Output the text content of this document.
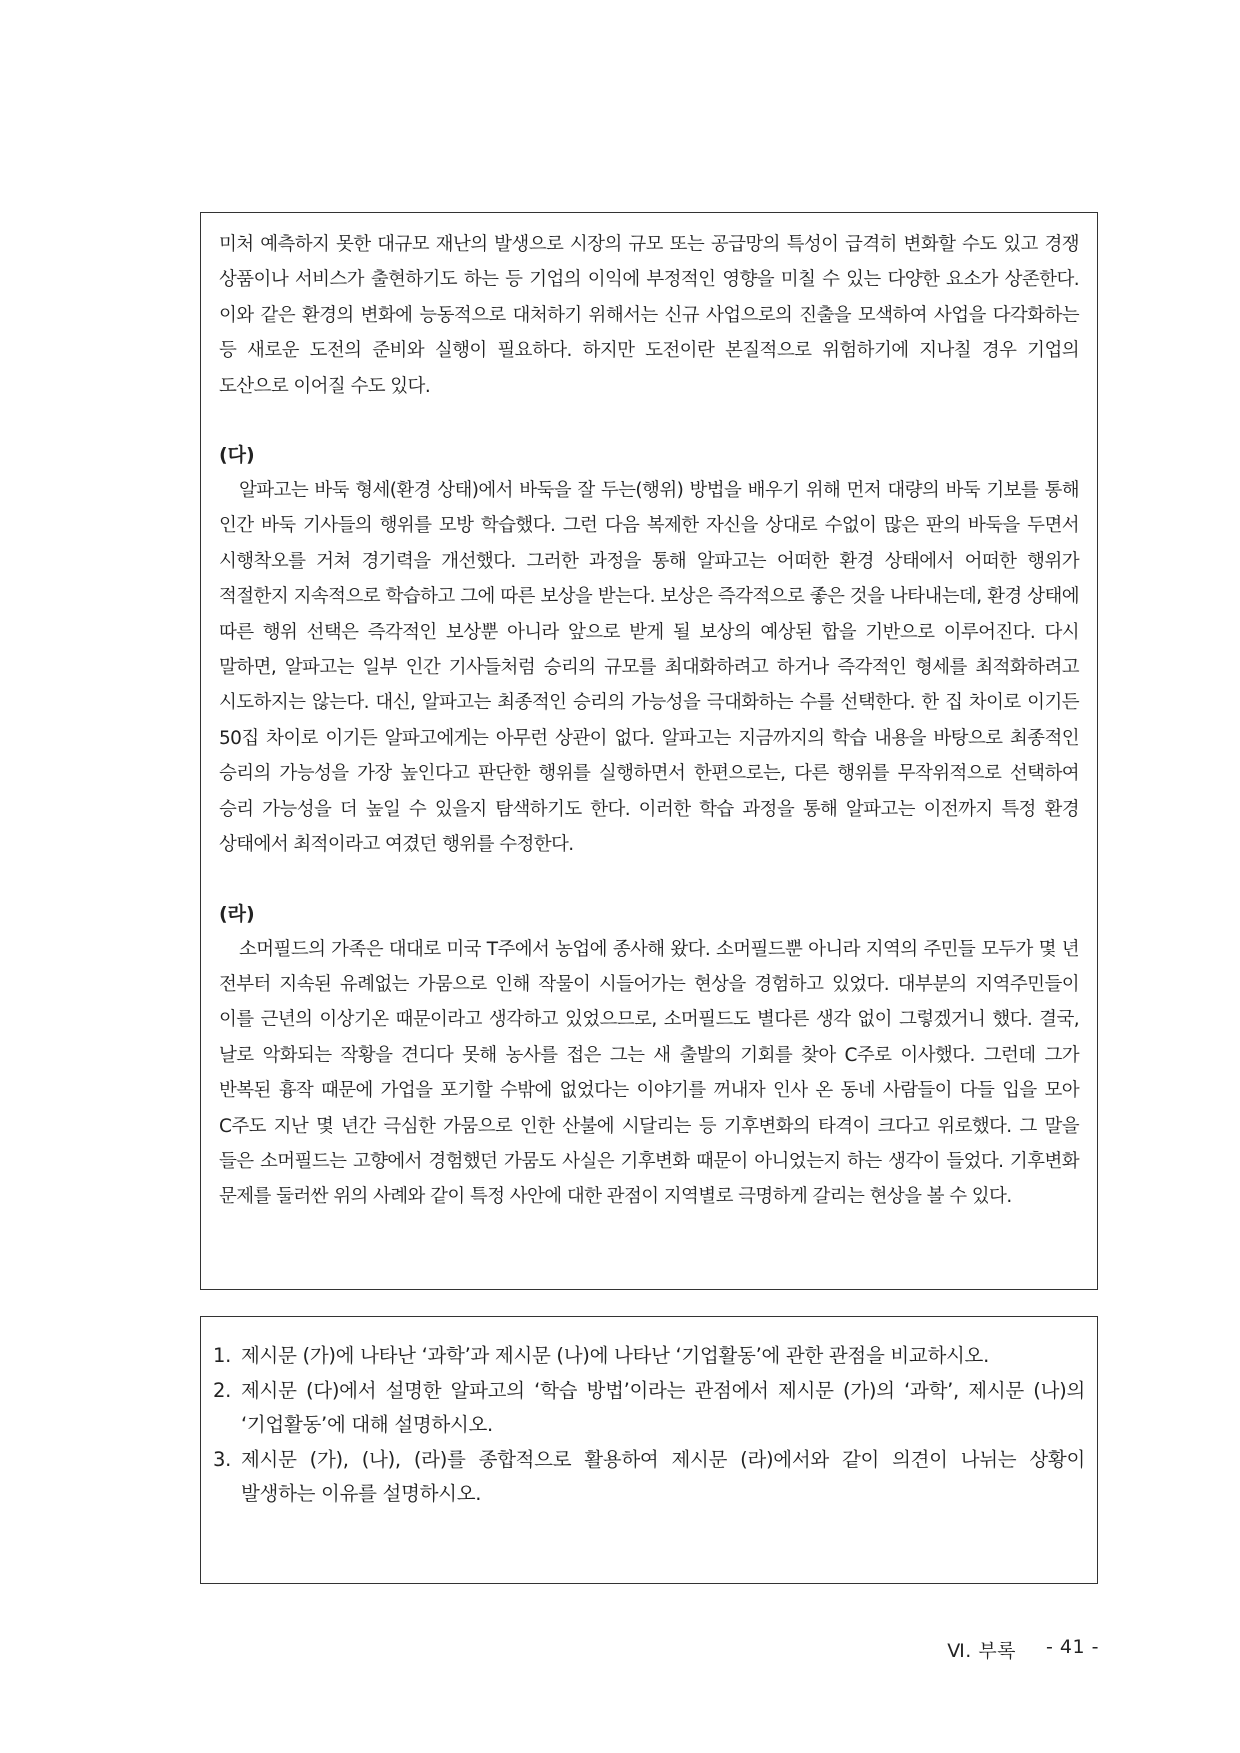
미처 예측하지 못한 대규모 재난의 발생으로 시장의 규모 또는 공급망의 특성이 급격히 변화할 수도 있고 경쟁 상품이나 서비스가 출현하기도 하는 등 기업의 이익에 부정적인 영향을 미칠 수 있는 다양한 요소가 상존한다. 이와 같은 환경의 변화에 능동적으로 대처하기 위해서는 신규 사업으로의 진출을 모색하여 사업을 다각화하는 등 새로운 도전의 준비와 실행이 필요하다. 하지만 도전이란 본질적으로 위험하기에 지나칠 경우 기업의 도산으로 이어질 수도 있다.

(다)

알파고는 바둑 형세(환경 상태)에서 바둑을 잘 두는(행위) 방법을 배우기 위해 먼저 대량의 바둑 기보를 통해 인간 바둑 기사들의 행위를 모방 학습했다. 그런 다음 복제한 자신을 상대로 수없이 많은 판의 바둑을 두면서 시행착오를 거쳐 경기력을 개선했다. 그러한 과정을 통해 알파고는 어떠한 환경 상태에서 어떠한 행위가 적절한지 지속적으로 학습하고 그에 따른 보상을 받는다. 보상은 즉각적으로 좋은 것을 나타내는데, 환경 상태에 따른 행위 선택은 즉각적인 보상뿐 아니라 앞으로 받게 될 보상의 예상된 합을 기반으로 이루어진다. 다시 말하면, 알파고는 일부 인간 기사들처럼 승리의 규모를 최대화하려고 하거나 즉각적인 형세를 최적화하려고 시도하지는 않는다. 대신, 알파고는 최종적인 승리의 가능성을 극대화하는 수를 선택한다. 한 집 차이로 이기든 50집 차이로 이기든 알파고에게는 아무런 상관이 없다. 알파고는 지금까지의 학습 내용을 바탕으로 최종적인 승리의 가능성을 가장 높인다고 판단한 행위를 실행하면서 한편으로는, 다른 행위를 무작위적으로 선택하여 승리 가능성을 더 높일 수 있을지 탐색하기도 한다. 이러한 학습 과정을 통해 알파고는 이전까지 특정 환경 상태에서 최적이라고 여겼던 행위를 수정한다.

(라)

소머필드의 가족은 대대로 미국 T주에서 농업에 종사해 왔다. 소머필드뿐 아니라 지역의 주민들 모두가 몇 년 전부터 지속된 유례없는 가뭄으로 인해 작물이 시들어가는 현상을 경험하고 있었다. 대부분의 지역주민들이 이를 근년의 이상기온 때문이라고 생각하고 있었으므로, 소머필드도 별다른 생각 없이 그렇겠거니 했다. 결국, 날로 악화되는 작황을 견디다 못해 농사를 접은 그는 새 출발의 기회를 찾아 C주로 이사했다. 그런데 그가 반복된 흉작 때문에 가업을 포기할 수밖에 없었다는 이야기를 꺼내자 인사 온 동네 사람들이 다들 입을 모아 C주도 지난 몇 년간 극심한 가뭄으로 인한 산불에 시달리는 등 기후변화의 타격이 크다고 위로했다. 그 말을 들은 소머필드는 고향에서 경험했던 가뭄도 사실은 기후변화 때문이 아니었는지 하는 생각이 들었다. 기후변화 문제를 둘러싼 위의 사례와 같이 특정 사안에 대한 관점이 지역별로 극명하게 갈리는 현상을 볼 수 있다.

1. 제시문 (가)에 나타난 ‘과학’과 제시문 (나)에 나타난 ‘기업활동’에 관한 관점을 비교하시오.
2. 제시문 (다)에서 설명한 알파고의 ‘학습 방법’이라는 관점에서 제시문 (가)의 ‘과학’, 제시문 (나)의 ‘기업활동’에 대해 설명하시오.
3. 제시문 (가), (나), (라)를 종합적으로 활용하여 제시문 (라)에서와 같이 의견이 나뉘는 상황이 발생하는 이유를 설명하시오.
Ⅵ. 부록 - 41 -
